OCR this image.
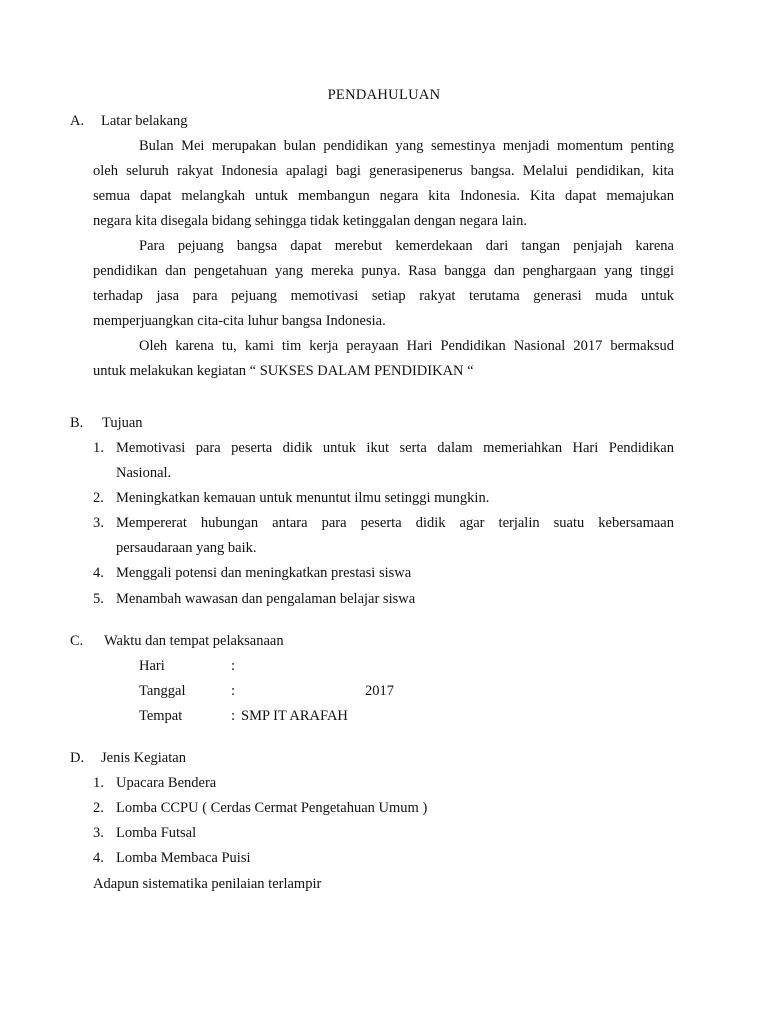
PENDAHULUAN
A. Latar belakang
Bulan Mei merupakan bulan pendidikan yang semestinya menjadi momentum penting
oleh seluruh rakyat Indonesia apalagi bagi generasipenerus bangsa. Melalui pendidikan, kita
semua dapat melangkah untuk membangun negara kita Indonesia. Kita dapat memajukan
negara kita disegala bidang sehingga tidak ketinggalan dengan negara lain.
Para pejuang bangsa dapat merebut kemerdekaan dari tangan penjajah karena
pendidikan dan pengetahuan yang mereka punya. Rasa bangga dan penghargaan yang tinggi
terhadap jasa para pejuang memotivasi setiap rakyat terutama generasi muda untuk
memperjuangkan cita-cita luhur bangsa Indonesia.
Oleh karena tu, kami tim kerja perayaan Hari Pendidikan Nasional 2017 bermaksud
untuk melakukan kegiatan “ SUKSES DALAM PENDIDIKAN “
B. Tujuan
1. Memotivasi para peserta didik untuk ikut serta dalam memeriahkan Hari Pendidikan
Nasional.
2. Meningkatkan kemauan untuk menuntut ilmu setinggi mungkin.
3. Mempererat hubungan antara para peserta didik agar terjalin suatu kebersamaan
persaudaraan yang baik.
4. Menggali potensi dan meningkatkan prestasi siswa
5. Menambah wawasan dan pengalaman belajar siswa
C. Waktu dan tempat pelaksanaan
Hari	:
Tanggal	:	2017
Tempat	: SMP IT ARAFAH
D. Jenis Kegiatan
1. Upacara Bendera
2. Lomba CCPU ( Cerdas Cermat Pengetahuan Umum )
3. Lomba Futsal
4. Lomba Membaca Puisi
Adapun sistematika penilaian terlampir
